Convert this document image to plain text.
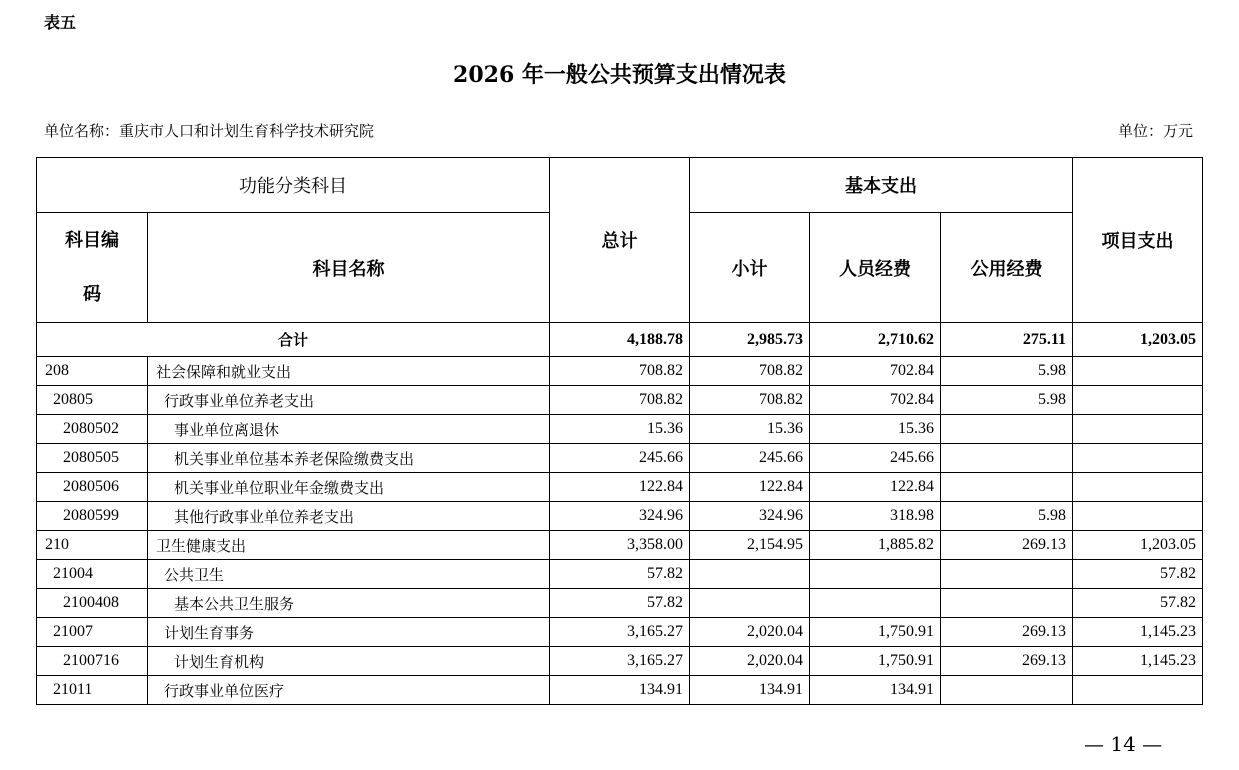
表五
2026 年一般公共预算支出情况表
单位名称：重庆市人口和计划生育科学技术研究院	单位：万元
功能分类科目		总计	基本支出			项目支出
科目编
码	科目名称		小计	人员经费	公用经费	
合计		4,188.78	2,985.73	2,710.62	275.11	1,203.05
208	社会保障和就业支出	708.82	708.82	702.84	5.98	
20805	行政事业单位养老支出	708.82	708.82	702.84	5.98	
2080502	事业单位离退休	15.36	15.36	15.36		
2080505	机关事业单位基本养老保险缴费支出	245.66	245.66	245.66		
2080506	机关事业单位职业年金缴费支出	122.84	122.84	122.84		
2080599	其他行政事业单位养老支出	324.96	324.96	318.98	5.98	
210	卫生健康支出	3,358.00	2,154.95	1,885.82	269.13	1,203.05
21004	公共卫生	57.82				57.82
2100408	基本公共卫生服务	57.82				57.82
21007	计划生育事务	3,165.27	2,020.04	1,750.91	269.13	1,145.23
2100716	计划生育机构	3,165.27	2,020.04	1,750.91	269.13	1,145.23
21011	行政事业单位医疗	134.91	134.91	134.91		
— 14 —
